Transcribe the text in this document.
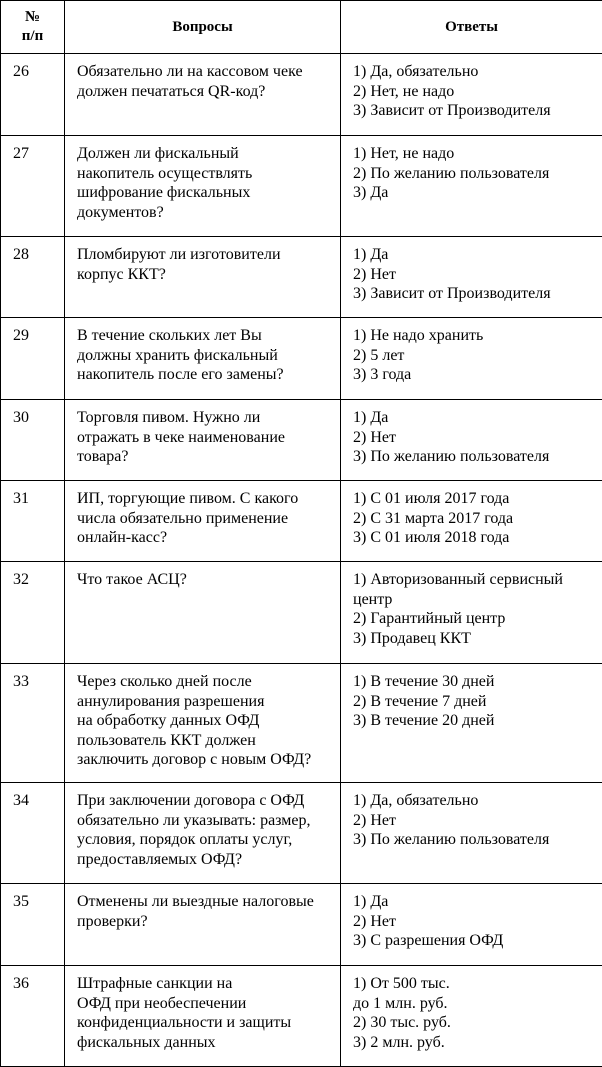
№
п/п	Вопросы	Ответы
26	Обязательно ли на кассовом чеке
должен печататься QR-код?	1) Да, обязательно
2) Нет, не надо
3) Зависит от Производителя

27	Должен ли фискальный
накопитель осуществлять
шифрование фискальных
документов?	1) Нет, не надо
2) По желанию пользователя
3) Да

28	Пломбируют ли изготовители
корпус ККТ?	1) Да
2) Нет
3) Зависит от Производителя

29	В течение скольких лет Вы
должны хранить фискальный
накопитель после его замены?	1) Не надо хранить
2) 5 лет
3) 3 года

30	Торговля пивом. Нужно ли
отражать в чеке наименование
товара?	1) Да
2) Нет
3) По желанию пользователя

31	ИП, торгующие пивом. С какого
числа обязательно применение
онлайн-касс?	1) С 01 июля 2017 года
2) С 31 марта 2017 года
3) С 01 июля 2018 года

32	Что такое АСЦ?	1) Авторизованный сервисный
центр
2) Гарантийный центр
3) Продавец ККТ

33	Через сколько дней после
аннулирования разрешения
на обработку данных ОФД
пользователь ККТ должен
заключить договор с новым ОФД?	1) В течение 30 дней
2) В течение 7 дней
3) В течение 20 дней

34	При заключении договора с ОФД
обязательно ли указывать: размер,
условия, порядок оплаты услуг,
предоставляемых ОФД?	1) Да, обязательно
2) Нет
3) По желанию пользователя

35	Отменены ли выездные налоговые
проверки?	1) Да
2) Нет
3) С разрешения ОФД

36	Штрафные санкции на
ОФД при необеспечении
конфиденциальности и защиты
фискальных данных	1) От 500 тыс.
до 1 млн. руб.
2) 30 тыс. руб.
3) 2 млн. руб.
